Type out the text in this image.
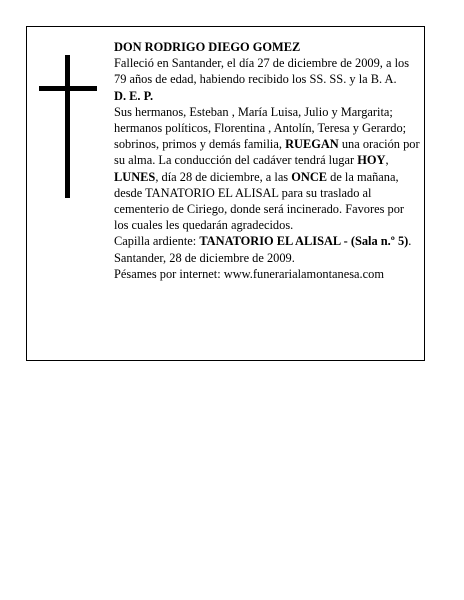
DON RODRIGO DIEGO GOMEZ

Falleció en Santander, el día 27 de diciembre de 2009, a los 79 años de edad, habiendo recibido los SS. SS. y la B. A.

D. E. P.

Sus hermanos, Esteban , María Luisa, Julio y Margarita; hermanos políticos, Florentina , Antolín, Teresa y Gerardo; sobrinos, primos y demás familia, RUEGAN una oración por su alma. La conducción del cadáver tendrá lugar HOY, LUNES, día 28 de diciembre, a las ONCE de la mañana, desde TANATORIO EL ALISAL para su traslado al cementerio de Ciriego, donde será incinerado. Favores por los cuales les quedarán agradecidos.

Capilla ardiente: TANATORIO EL ALISAL - (Sala n.º 5).

Santander, 28 de diciembre de 2009.

Pésames por internet: www.funerarialamontanesa.com
